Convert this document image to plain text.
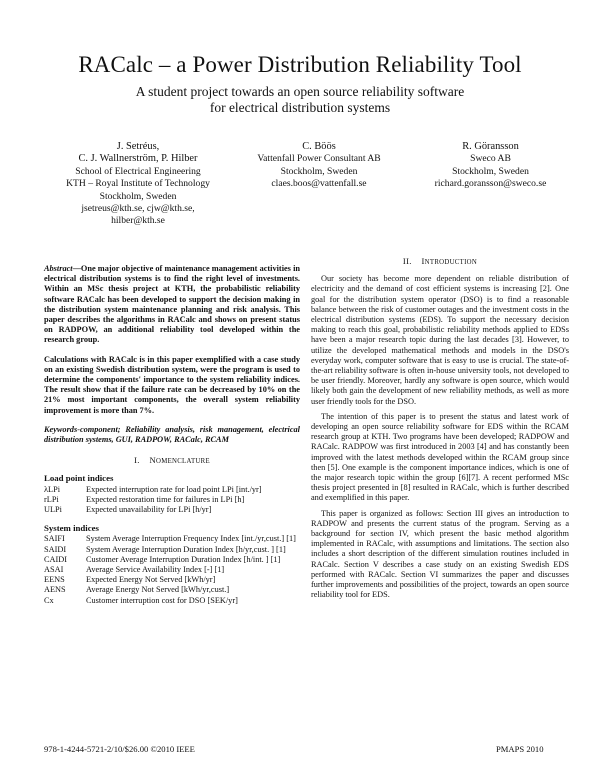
RACalc – a Power Distribution Reliability Tool
A student project towards an open source reliability software
for electrical distribution systems
J. Setréus,
C. J. Wallnerström, P. Hilber
School of Electrical Engineering
KTH – Royal Institute of Technology
Stockholm, Sweden
jsetreus@kth.se, cjw@kth.se,
hilber@kth.se
C. Böös
Vattenfall Power Consultant AB
Stockholm, Sweden
claes.boos@vattenfall.se
R. Göransson
Sweco AB
Stockholm, Sweden
richard.goransson@sweco.se

Abstract—One major objective of maintenance management activities in electrical distribution systems is to find the right level of investments. Within an MSc thesis project at KTH, the probabilistic reliability software RACalc has been developed to support the decision making in the distribution system maintenance planning and risk analysis. This paper describes the algorithms in RACalc and shows on present status on RADPOW, an additional reliability tool developed within the research group.

Calculations with RACalc is in this paper exemplified with a case study on an existing Swedish distribution system, were the program is used to determine the components' importance to the system reliability indices. The result show that if the failure rate can be decreased by 10% on the 21% most important components, the overall system reliability improvement is more than 7%.

Keywords-component; Reliability analysis, risk management, electrical distribution systems, GUI, RADPOW, RACalc, RCAM

I. NOMENCLATURE
Load point indices
λLPi	Expected interruption rate for load point LPi [int./yr]
rLPi	Expected restoration time for failures in LPi [h]
ULPi	Expected unavailability for LPi [h/yr]
System indices
SAIFI	System Average Interruption Frequency Index [int./yr,cust.] [1]
SAIDI	System Average Interruption Duration Index [h/yr,cust. ] [1]
CAIDI	Customer Average Interruption Duration Index [h/int. ] [1]
ASAI	Average Service Availability Index [-] [1]
EENS	Expected Energy Not Served [kWh/yr]
AENS	Average Energy Not Served [kWh/yr,cust.]
Cx	Customer interruption cost for DSO [SEK/yr]
II. INTRODUCTION

Our society has become more dependent on reliable distribution of electricity and the demand of cost efficient systems is increasing [2]. One goal for the distribution system operator (DSO) is to find a reasonable balance between the risk of customer outages and the investment costs in the electrical distribution systems (EDS). To support the necessary decision making to reach this goal, probabilistic reliability methods applied to EDSs have been a major research topic during the last decades [3]. However, to utilize the developed mathematical methods and models in the DSO's everyday work, computer software that is easy to use is crucial. The state-of-the-art reliability software is often in-house university tools, not developed to be user friendly. Moreover, hardly any software is open source, which would likely both gain the development of new reliability methods, as well as more user friendly tools for the DSO.

The intention of this paper is to present the status and latest work of developing an open source reliability software for EDS within the RCAM research group at KTH. Two programs have been developed; RADPOW and RACalc. RADPOW was first introduced in 2003 [4] and has constantly been improved with the latest methods developed within the RCAM group since then [5]. One example is the component importance indices, which is one of the major research topic within the group [6][7]. A recent performed MSc thesis project presented in [8] resulted in RACalc, which is further described and exemplified in this paper.

This paper is organized as follows: Section III gives an introduction to RADPOW and presents the current status of the program. Serving as a background for section IV, which present the basic method algorithm implemented in RACalc, with assumptions and limitations. The section also includes a short description of the different simulation routines included in RACalc. Section V describes a case study on an existing Swedish EDS performed with RACalc. Section VI summarizes the paper and discusses further improvements and possibilities of the project, towards an open source reliability tool for EDS.

978-1-4244-5721-2/10/$26.00 ©2010 IEEE	PMAPS 2010
